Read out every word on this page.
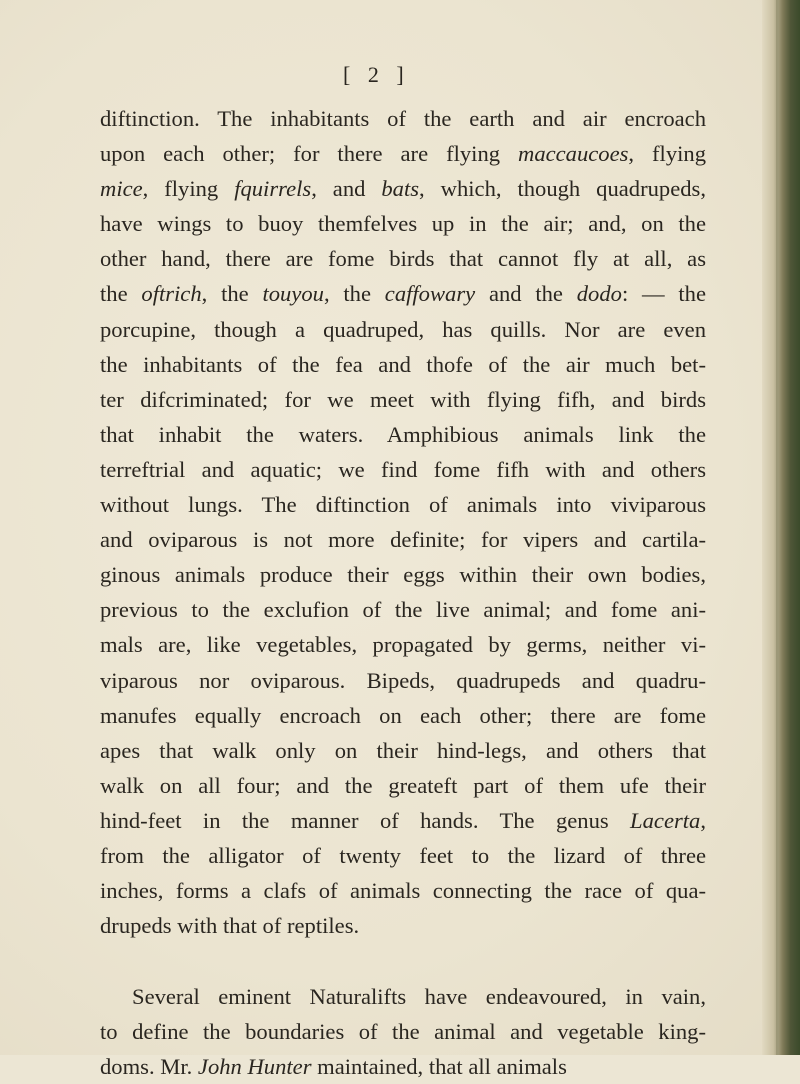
[ 2 ]
diftinction. The inhabitants of the earth and air encroach
upon each other; for there are flying maccaucoes, flying
mice, flying fquirrels, and bats, which, though quadrupeds,
have wings to buoy themfelves up in the air; and, on the
other hand, there are fome birds that cannot fly at all, as
the oftrich, the touyou, the caffowary and the dodo: — the
porcupine, though a quadruped, has quills. Nor are even
the inhabitants of the fea and thofe of the air much bet-
ter difcriminated; for we meet with flying fifh, and birds
that inhabit the waters. Amphibious animals link the
terreftrial and aquatic; we find fome fifh with and others
without lungs. The diftinction of animals into viviparous
and oviparous is not more definite; for vipers and cartila-
ginous animals produce their eggs within their own bodies,
previous to the exclufion of the live animal; and fome ani-
mals are, like vegetables, propagated by germs, neither vi-
viparous nor oviparous. Bipeds, quadrupeds and quadru-
manufes equally encroach on each other; there are fome
apes that walk only on their hind-legs, and others that
walk on all four; and the greateft part of them ufe their
hind-feet in the manner of hands. The genus Lacerta,
from the alligator of twenty feet to the lizard of three
inches, forms a clafs of animals connecting the race of qua-
drupeds with that of reptiles.
Several eminent Naturalifts have endeavoured, in vain,
to define the boundaries of the animal and vegetable king-
doms. Mr. John Hunter maintained, that all animals
